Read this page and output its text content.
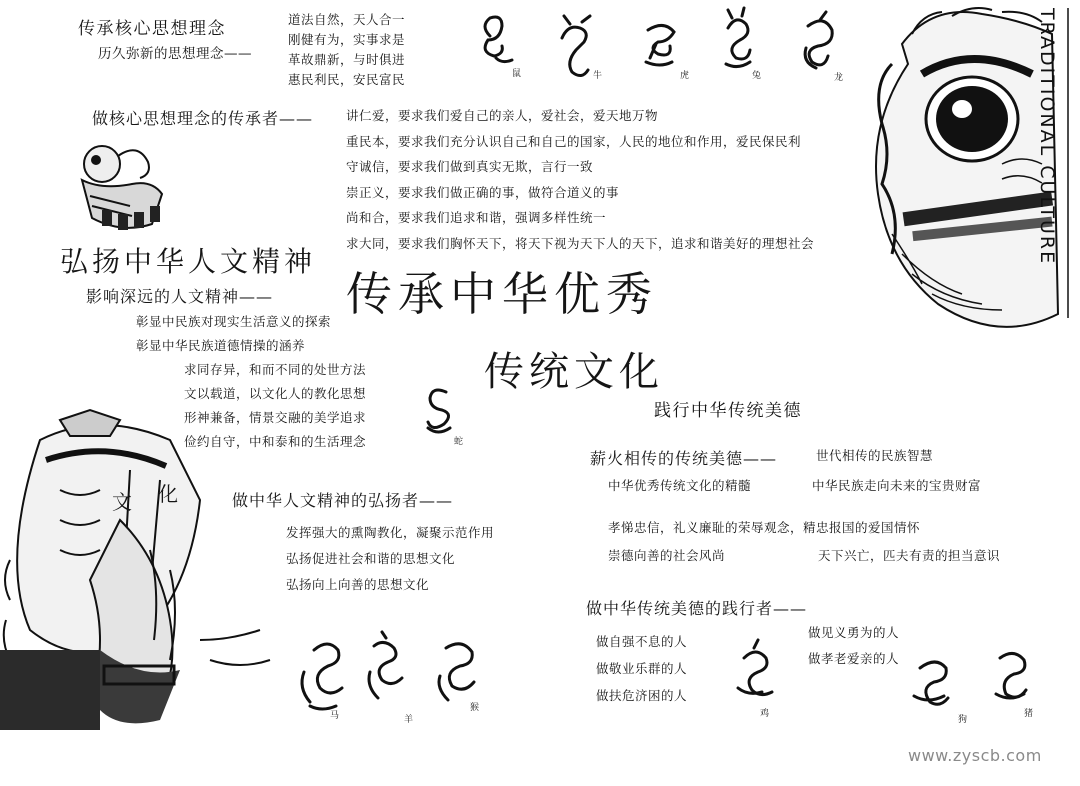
传承核心思想理念
历久弥新的思想理念——
道法自然，天人合一
刚健有为，实事求是
革故鼎新，与时俱进
惠民利民，安民富民
做核心思想理念的传承者——	讲仁爱，要求我们爱自己的亲人，爱社会，爱天地万物
重民本，要求我们充分认识自己和自己的国家，人民的地位和作用，爱民保民利
守诚信，要求我们做到真实无欺，言行一致
崇正义，要求我们做正确的事，做符合道义的事
尚和合，要求我们追求和谐，强调多样性统一
求大同，要求我们胸怀天下，将天下视为天下人的天下，追求和谐美好的理想社会
鼠	牛	虎	兔	龙	TRADITIONAL CULTURE
弘扬中华人文精神
影响深远的人文精神——
彰显中民族对现实生活意义的探索
彰显中华民族道德情操的涵养
求同存异，和而不同的处世方法
文以载道，以文化人的教化思想
形神兼备，情景交融的美学追求
俭约自守，中和泰和的生活理念
传承中华优秀
传统文化
蛇
践行中华传统美德
薪火相传的传统美德——	世代相传的民族智慧
中华优秀传统文化的精髓	中华民族走向未来的宝贵财富
孝悌忠信，礼义廉耻的荣辱观念，精忠报国的爱国情怀
崇德向善的社会风尚	天下兴亡，匹夫有责的担当意识
做中华传统美德的践行者——
做自强不息的人
做敬业乐群的人
做扶危济困的人
做见义勇为的人
做孝老爱亲的人
鸡
狗
猪
文 化	做中华人文精神的弘扬者——
发挥强大的熏陶教化，凝聚示范作用
弘扬促进社会和谐的思想文化
弘扬向上向善的思想文化
马	羊
猴
www.zyscb.com
